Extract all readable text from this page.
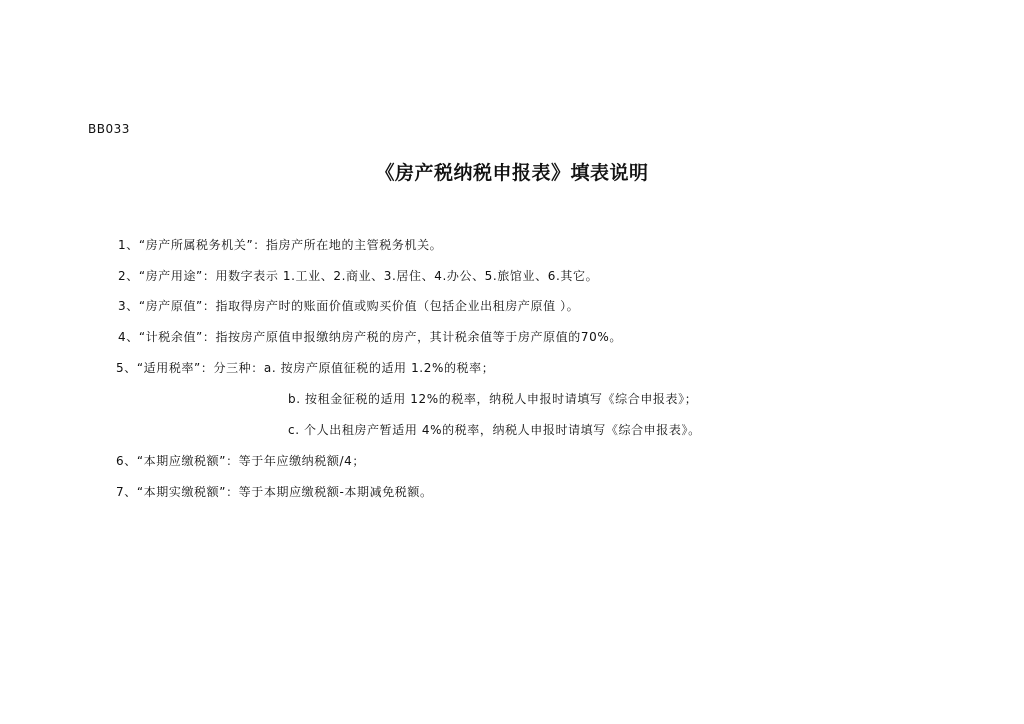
BB033
《房产税纳税申报表》填表说明
1、“房产所属税务机关”：指房产所在地的主管税务机关。
2、“房产用途”：用数字表示 1.工业、2.商业、3.居住、4.办公、5.旅馆业、6.其它。
3、“房产原值”：指取得房产时的账面价值或购买价值（包括企业出租房产原值 ）。
4、“计税余值”：指按房产原值申报缴纳房产税的房产，其计税余值等于房产原值的70%。
5、“适用税率”：分三种：a. 按房产原值征税的适用 1.2%的税率；
b. 按租金征税的适用 12%的税率，纳税人申报时请填写《综合申报表》；
c. 个人出租房产暂适用 4%的税率，纳税人申报时请填写《综合申报表》。
6、“本期应缴税额”：等于年应缴纳税额/4；
7、“本期实缴税额”：等于本期应缴税额-本期减免税额。
